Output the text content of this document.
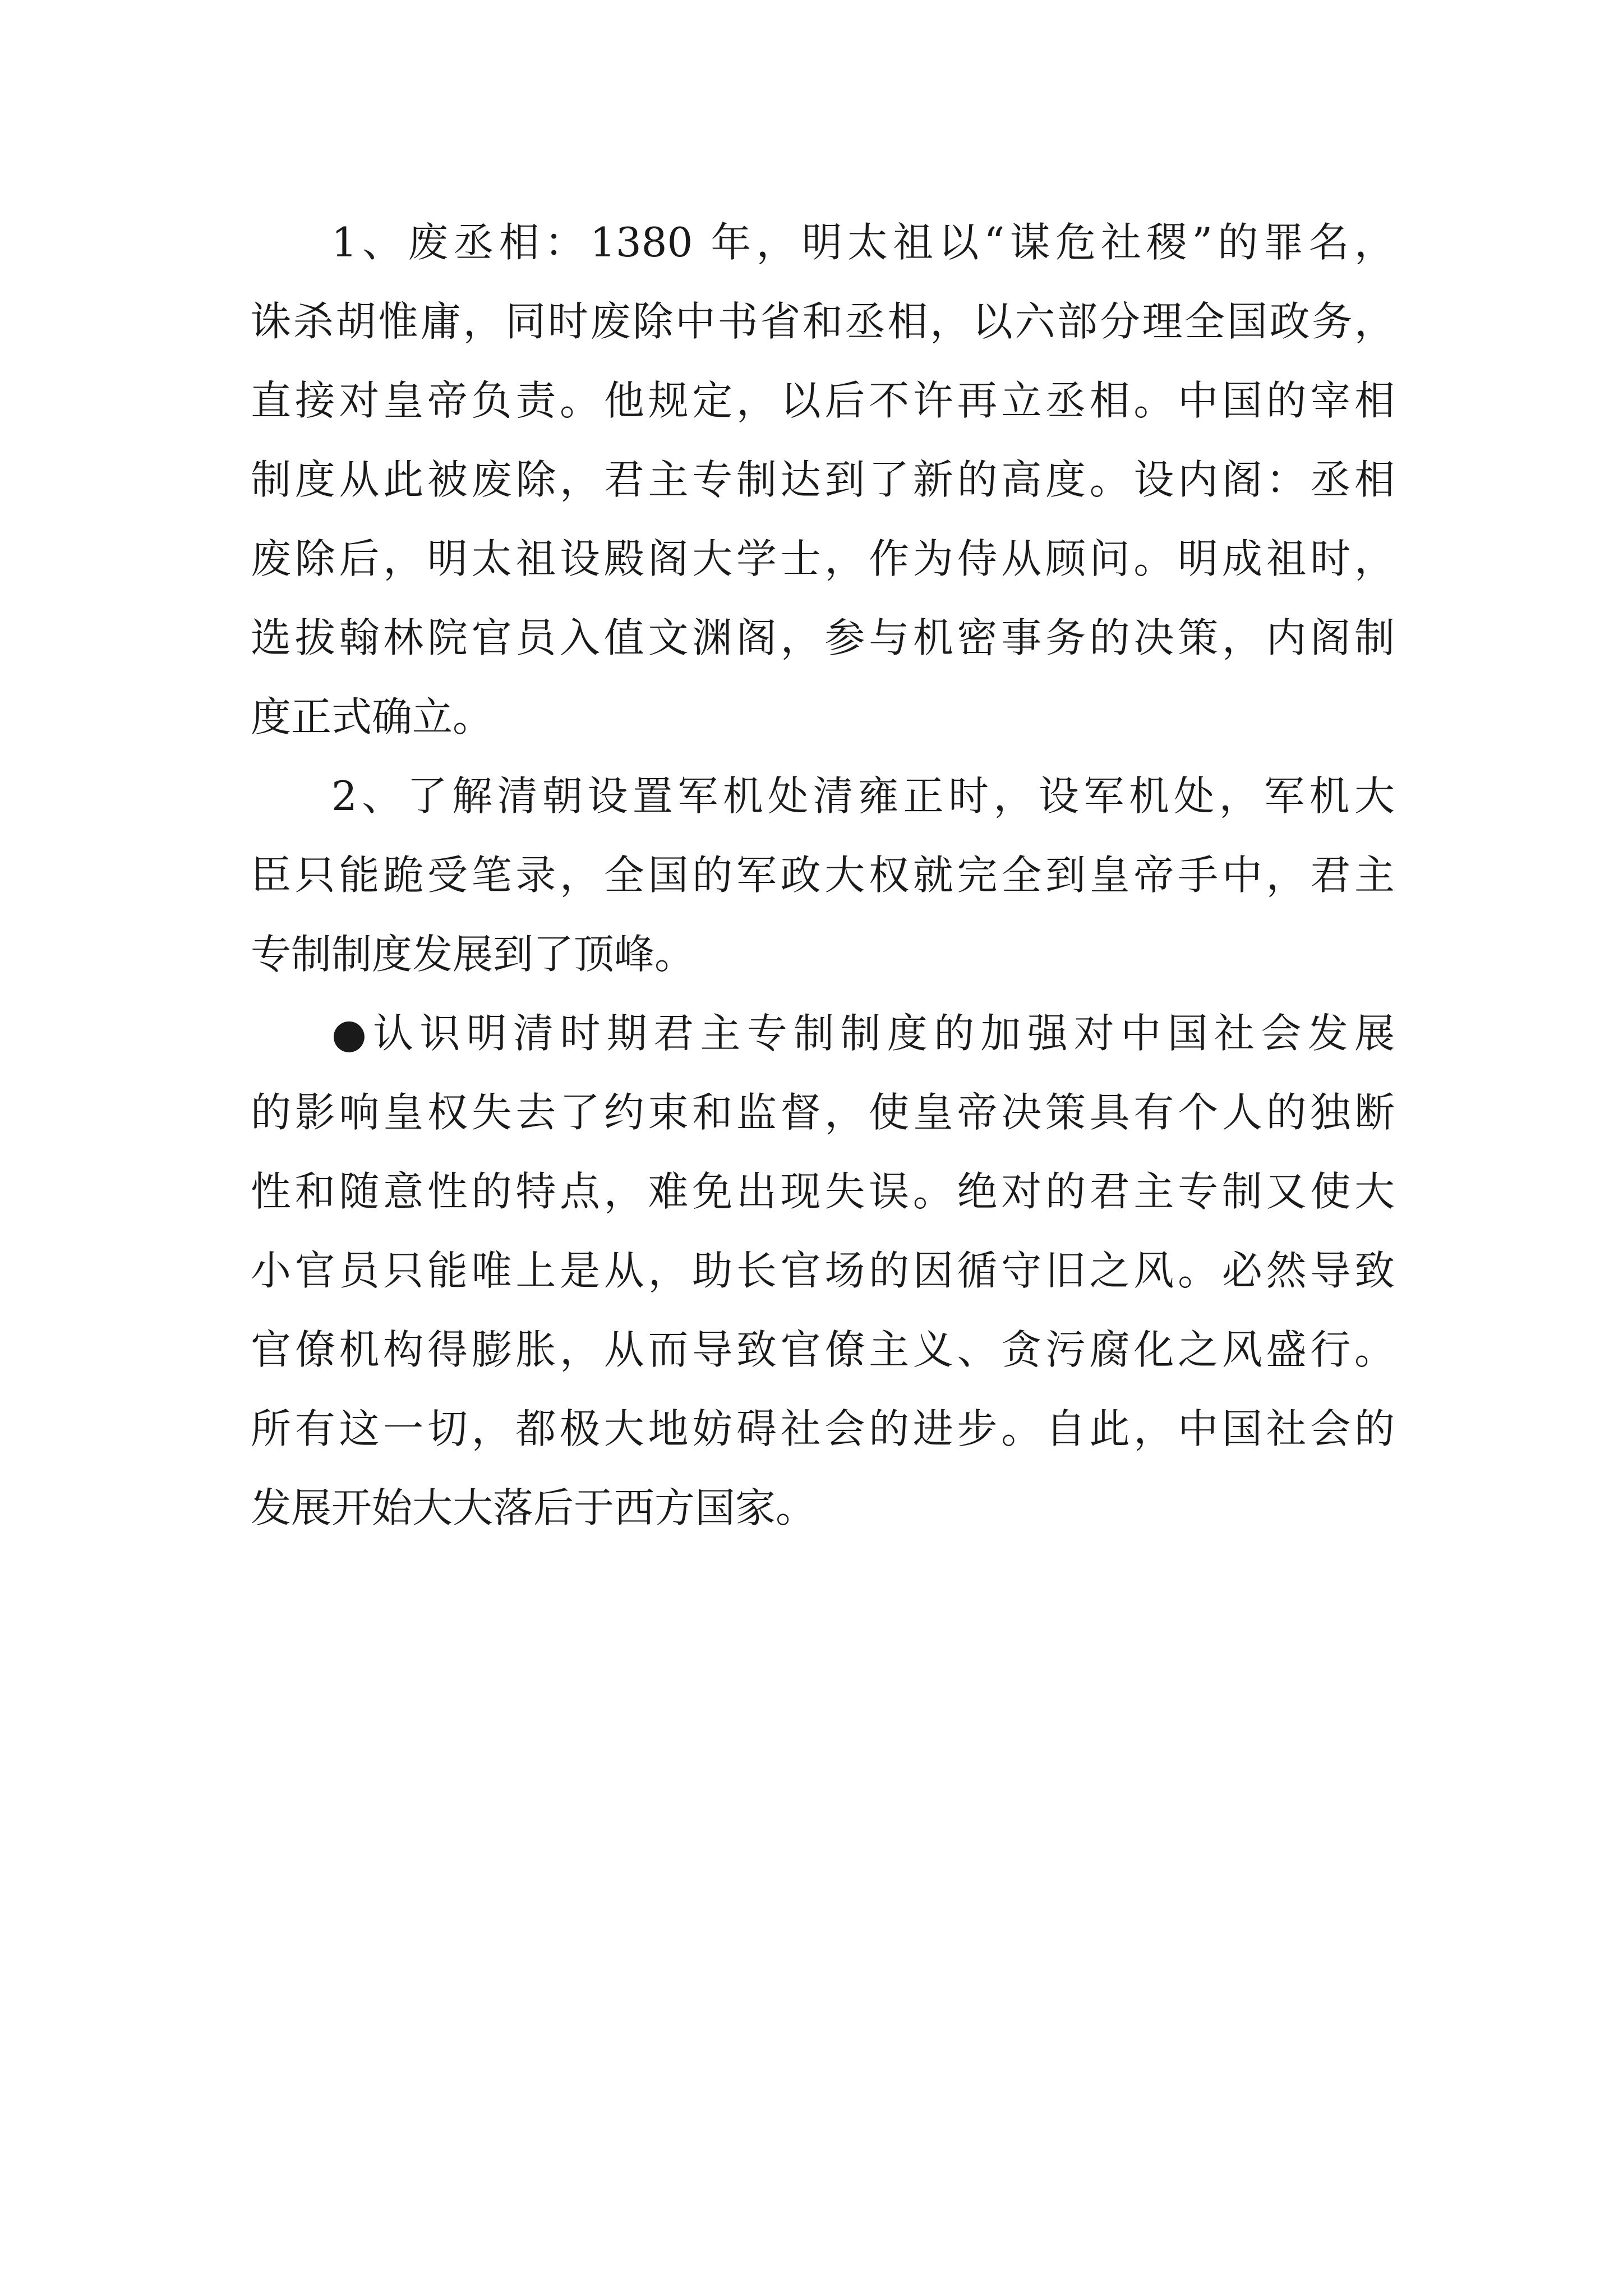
1、废丞相：1380 年，明太祖以“谋危社稷”的罪名，
诛杀胡惟庸，同时废除中书省和丞相，以六部分理全国政务，
直接对皇帝负责。他规定，以后不许再立丞相。中国的宰相
制度从此被废除，君主专制达到了新的高度。设内阁：丞相
废除后，明太祖设殿阁大学士，作为侍从顾问。明成祖时，
选拔翰林院官员入值文渊阁，参与机密事务的决策，内阁制
度正式确立。
2、了解清朝设置军机处清雍正时，设军机处，军机大
臣只能跪受笔录，全国的军政大权就完全到皇帝手中，君主
专制制度发展到了顶峰。
●认识明清时期君主专制制度的加强对中国社会发展
的影响皇权失去了约束和监督，使皇帝决策具有个人的独断
性和随意性的特点，难免出现失误。绝对的君主专制又使大
小官员只能唯上是从，助长官场的因循守旧之风。必然导致
官僚机构得膨胀，从而导致官僚主义、贪污腐化之风盛行。
所有这一切，都极大地妨碍社会的进步。自此，中国社会的
发展开始大大落后于西方国家。
